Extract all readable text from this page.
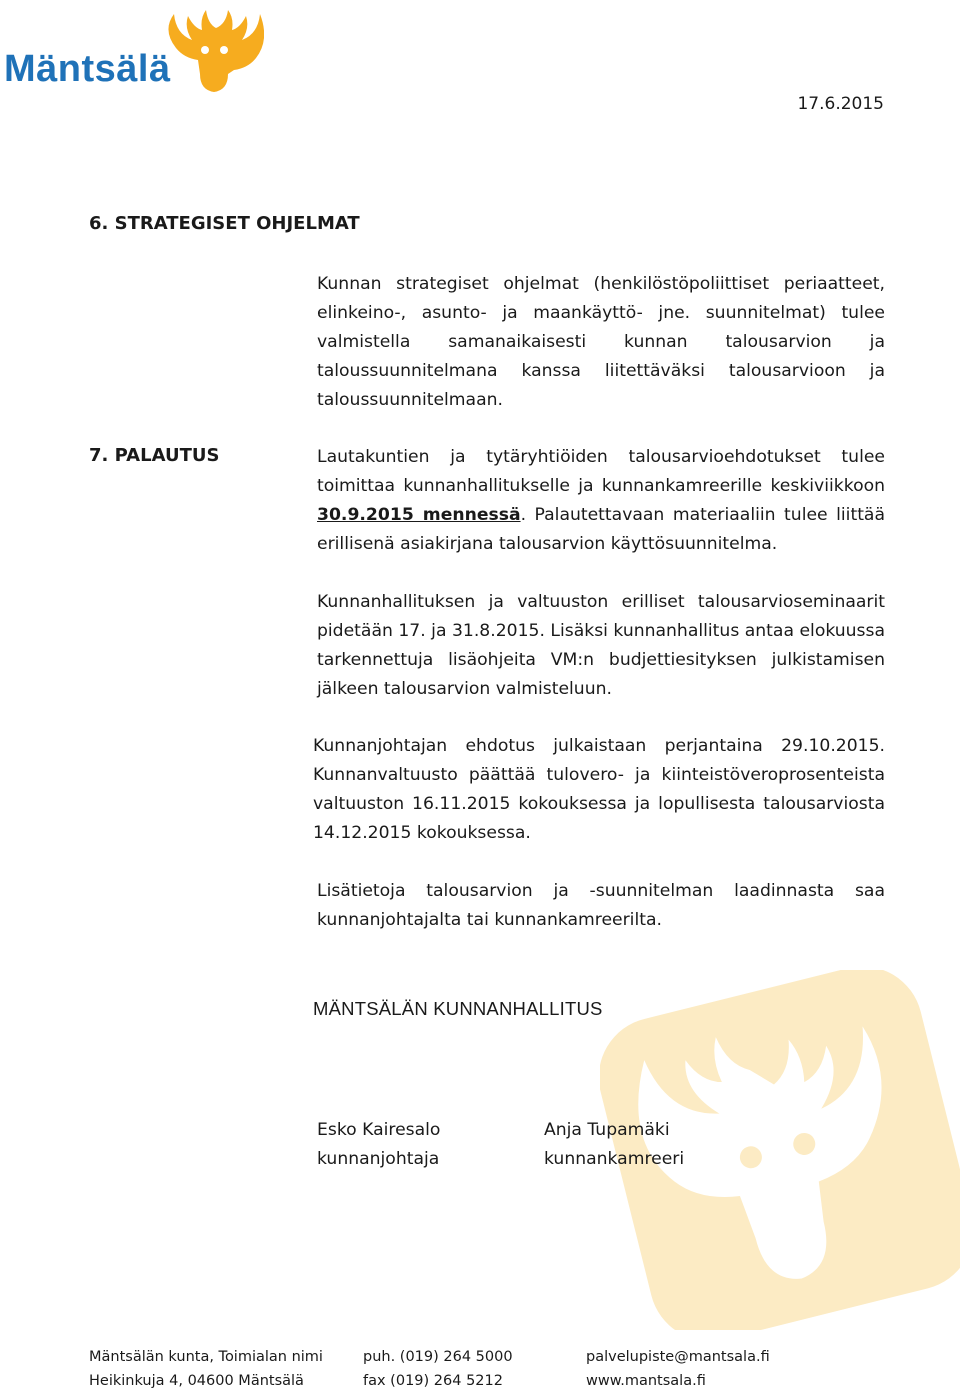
Mäntsälä
17.6.2015
6. STRATEGISET OHJELMAT
Kunnan strategiset ohjelmat (henkilöstöpoliittiset periaatteet, elinkeino-, asunto- ja maankäyttö- jne. suunnitelmat) tulee valmistella samanaikaisesti kunnan talousarvion ja taloussuunnitelmana kanssa liitettäväksi talousarvioon ja taloussuunnitelmaan.
7. PALAUTUS	Lautakuntien ja tytäryhtiöiden talousarvioehdotukset tulee toimittaa kunnanhallitukselle ja kunnankamreerille keskiviikkoon 30.9.2015 mennessä. Palautettavaan materiaaliin tulee liittää erillisenä asiakirjana talousarvion käyttösuunnitelma.
Kunnanhallituksen ja valtuuston erilliset talousarvioseminaarit pidetään 17. ja 31.8.2015. Lisäksi kunnanhallitus antaa elokuussa tarkennettuja lisäohjeita VM:n budjettiesityksen julkistamisen jälkeen talousarvion valmisteluun.
Kunnanjohtajan ehdotus julkaistaan perjantaina 29.10.2015. Kunnanvaltuusto päättää tulovero- ja kiinteistöveroprosenteista valtuuston 16.11.2015 kokouksessa ja lopullisesta talousarviosta 14.12.2015 kokouksessa.
Lisätietoja talousarvion ja -suunnitelman laadinnasta saa kunnanjohtajalta tai kunnankamreerilta.
MÄNTSÄLÄN KUNNANHALLITUS
Esko Kairesalo
kunnanjohtaja
Anja Tupamäki
kunnankamreeri
Mäntsälän kunta, Toimialan nimi
Heikinkuja 4, 04600 Mäntsälä
puh. (019) 264 5000
fax (019) 264 5212
palvelupiste@mantsala.fi
www.mantsala.fi
